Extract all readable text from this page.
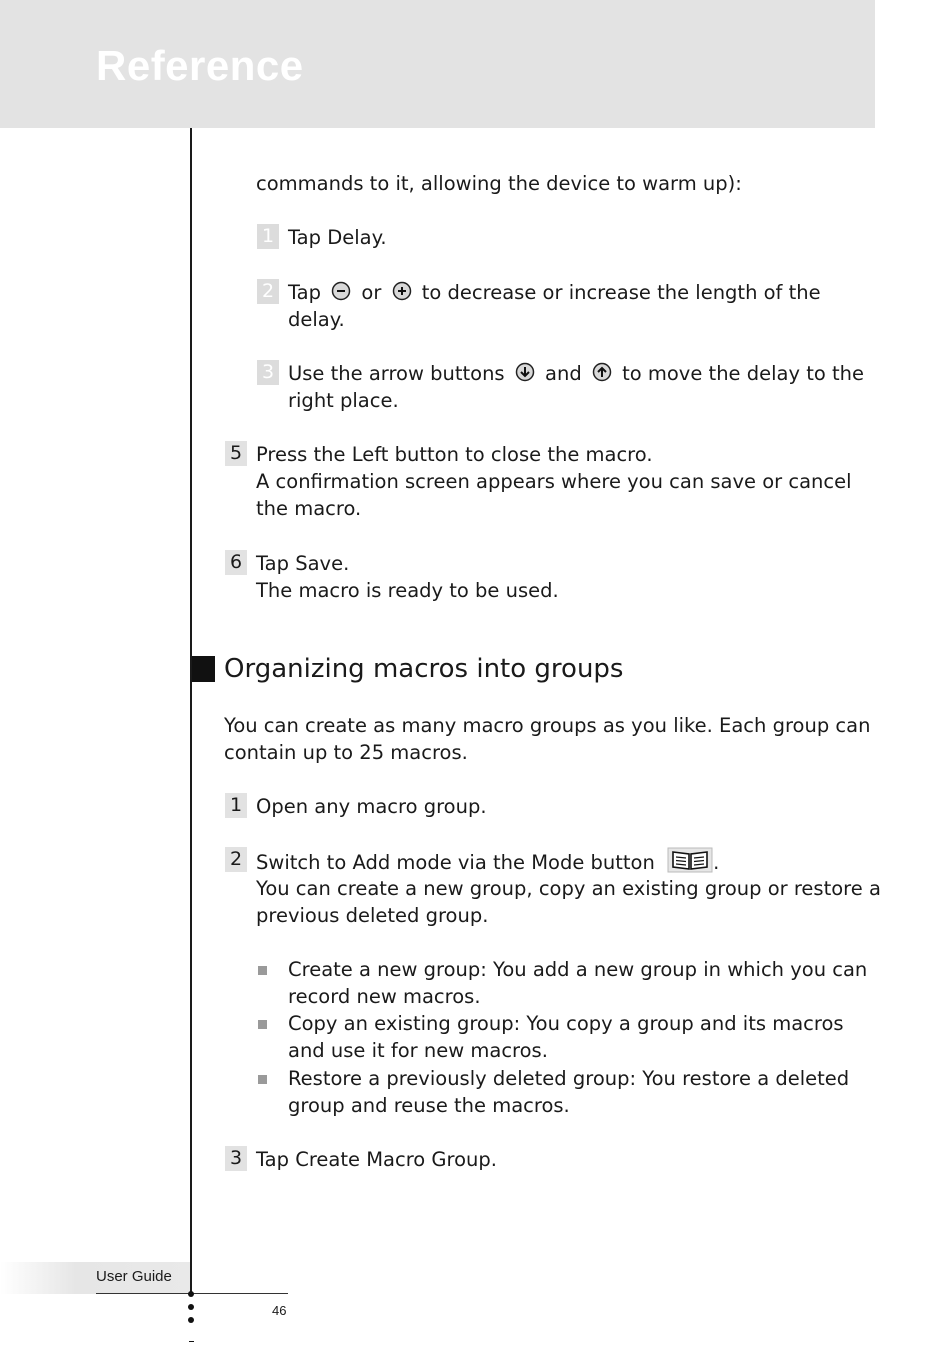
Reference
commands to it, allowing the device to warm up):
1 Tap Delay.
2 Tap or to decrease or increase the length of the
delay.
3 Use the arrow buttons and to move the delay to the
right place.
5 Press the Left button to close the macro.
A confirmation screen appears where you can save or cancel
the macro.
6 Tap Save.
The macro is ready to be used.
Organizing macros into groups
You can create as many macro groups as you like. Each group can
contain up to 25 macros.
1 Open any macro group.
2 Switch to Add mode via the Mode button	.
You can create a new group, copy an existing group or restore a
previous deleted group.
Create a new group: You add a new group in which you can
record new macros.
Copy an existing group: You copy a group and its macros
and use it for new macros.
Restore a previously deleted group: You restore a deleted
group and reuse the macros.
3 Tap Create Macro Group.
User Guide
46
